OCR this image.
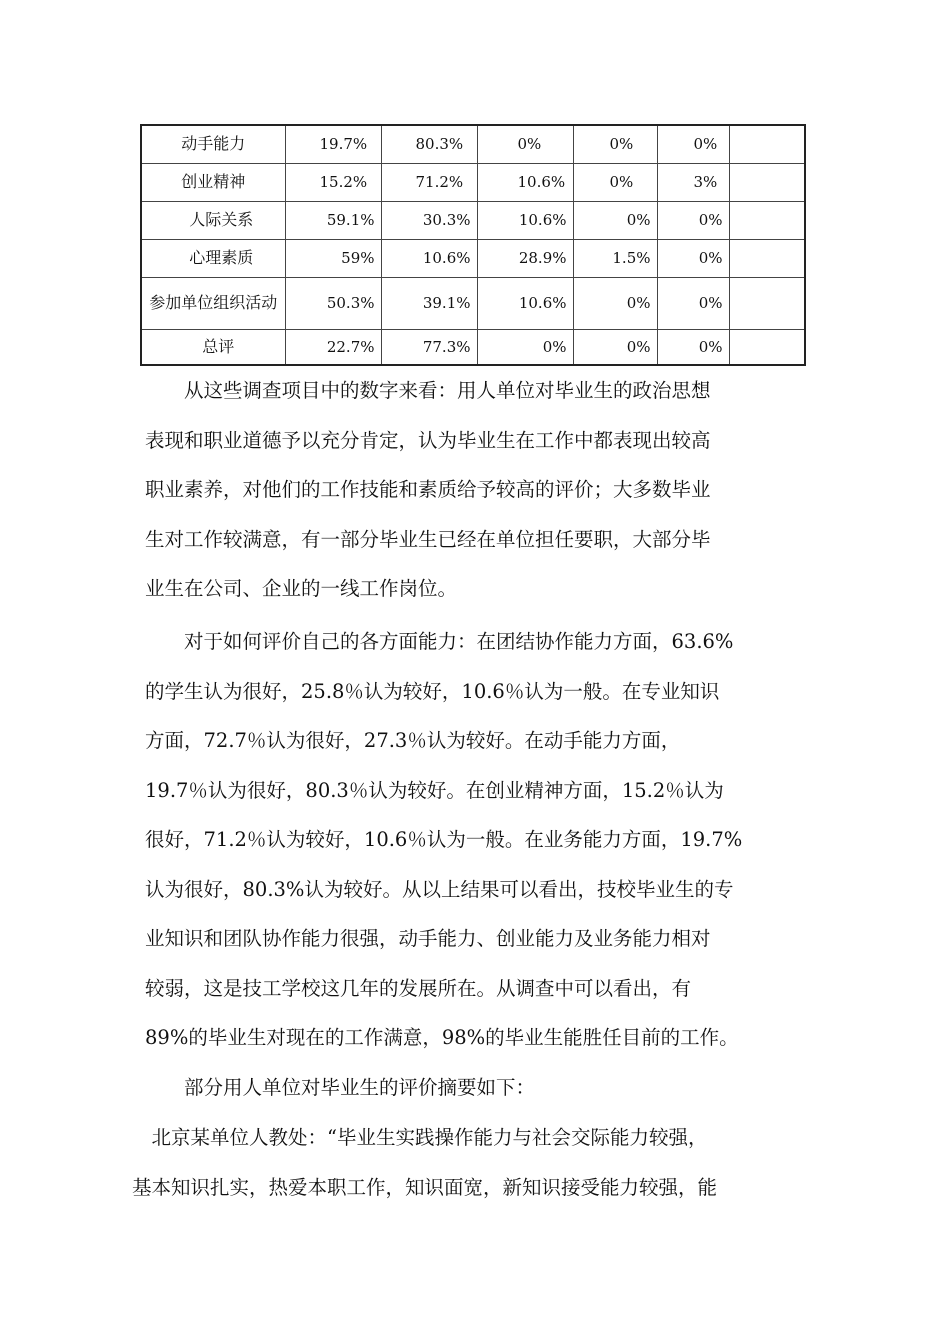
动手能力	19.7%	80.3%	0%	0%	0%	
创业精神	15.2%	71.2%	10.6%	0%	3%	
人际关系	59.1%	30.3%	10.6%	0%	0%	
心理素质	59%	10.6%	28.9%	1.5%	0%	
参加单位组织活动	50.3%	39.1%	10.6%	0%	0%	
总评	22.7%	77.3%	0%	0%	0%	

　　从这些调查项目中的数字来看：用人单位对毕业生的政治思想
表现和职业道德予以充分肯定，认为毕业生在工作中都表现出较高
职业素养，对他们的工作技能和素质给予较高的评价；大多数毕业
生对工作较满意，有一部分毕业生已经在单位担任要职，大部分毕
业生在公司、企业的一线工作岗位。

　　对于如何评价自己的各方面能力：在团结协作能力方面，63.6%
的学生认为很好，25.8％认为较好，10.6％认为一般。在专业知识
方面，72.7％认为很好，27.3％认为较好。在动手能力方面，
19.7％认为很好，80.3％认为较好。在创业精神方面，15.2％认为
很好，71.2％认为较好，10.6％认为一般。在业务能力方面，19.7%
认为很好，80.3%认为较好。从以上结果可以看出，技校毕业生的专
业知识和团队协作能力很强，动手能力、创业能力及业务能力相对
较弱，这是技工学校这几年的发展所在。从调查中可以看出，有
89%的毕业生对现在的工作满意，98%的毕业生能胜任目前的工作。

　　部分用人单位对毕业生的评价摘要如下：

　北京某单位人教处：“毕业生实践操作能力与社会交际能力较强，
基本知识扎实，热爱本职工作，知识面宽，新知识接受能力较强，能
